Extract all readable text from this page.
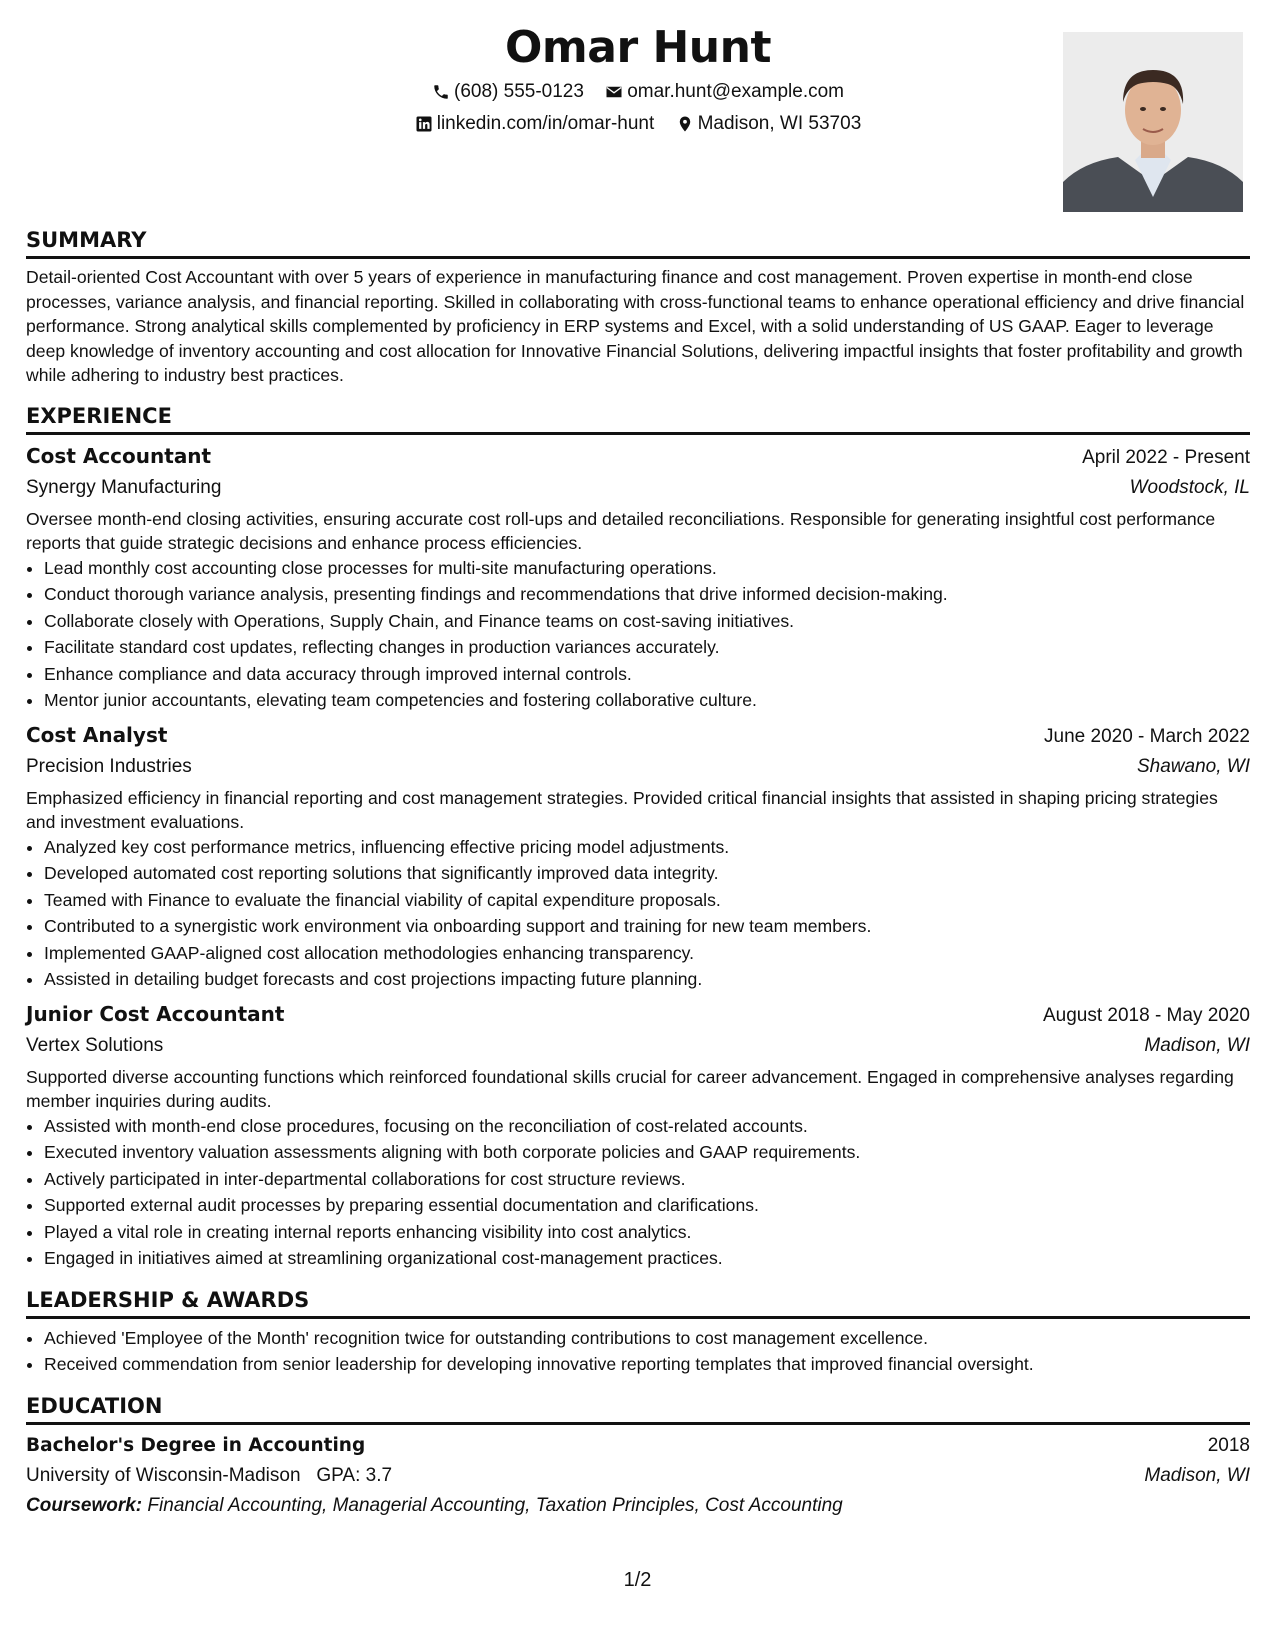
Omar Hunt
(608) 555-0123
omar.hunt@example.com
linkedin.com/in/omar-hunt
Madison, WI 53703
SUMMARY

Detail-oriented Cost Accountant with over 5 years of experience in manufacturing finance and cost management. Proven expertise in month-end close processes, variance analysis, and financial reporting. Skilled in collaborating with cross-functional teams to enhance operational efficiency and drive financial performance. Strong analytical skills complemented by proficiency in ERP systems and Excel, with a solid understanding of US GAAP. Eager to leverage deep knowledge of inventory accounting and cost allocation for Innovative Financial Solutions, delivering impactful insights that foster profitability and growth while adhering to industry best practices.

EXPERIENCE
Cost Accountant	April 2022 - Present
Synergy Manufacturing	Woodstock, IL
Oversee month-end closing activities, ensuring accurate cost roll-ups and detailed reconciliations. Responsible for generating insightful cost performance reports that guide strategic decisions and enhance process efficiencies.
• Lead monthly cost accounting close processes for multi-site manufacturing operations.
• Conduct thorough variance analysis, presenting findings and recommendations that drive informed decision-making.
• Collaborate closely with Operations, Supply Chain, and Finance teams on cost-saving initiatives.
• Facilitate standard cost updates, reflecting changes in production variances accurately.
• Enhance compliance and data accuracy through improved internal controls.
• Mentor junior accountants, elevating team competencies and fostering collaborative culture.
Cost Analyst	June 2020 - March 2022
Precision Industries	Shawano, WI
Emphasized efficiency in financial reporting and cost management strategies. Provided critical financial insights that assisted in shaping pricing strategies and investment evaluations.
• Analyzed key cost performance metrics, influencing effective pricing model adjustments.
• Developed automated cost reporting solutions that significantly improved data integrity.
• Teamed with Finance to evaluate the financial viability of capital expenditure proposals.
• Contributed to a synergistic work environment via onboarding support and training for new team members.
• Implemented GAAP-aligned cost allocation methodologies enhancing transparency.
• Assisted in detailing budget forecasts and cost projections impacting future planning.
Junior Cost Accountant	August 2018 - May 2020
Vertex Solutions	Madison, WI
Supported diverse accounting functions which reinforced foundational skills crucial for career advancement. Engaged in comprehensive analyses regarding member inquiries during audits.
• Assisted with month-end close procedures, focusing on the reconciliation of cost-related accounts.
• Executed inventory valuation assessments aligning with both corporate policies and GAAP requirements.
• Actively participated in inter-departmental collaborations for cost structure reviews.
• Supported external audit processes by preparing essential documentation and clarifications.
• Played a vital role in creating internal reports enhancing visibility into cost analytics.
• Engaged in initiatives aimed at streamlining organizational cost-management practices.
LEADERSHIP & AWARDS
• Achieved 'Employee of the Month' recognition twice for outstanding contributions to cost management excellence.
• Received commendation from senior leadership for developing innovative reporting templates that improved financial oversight.
EDUCATION
Bachelor's Degree in Accounting	2018
University of Wisconsin-Madison GPA: 3.7	Madison, WI
Coursework: Financial Accounting, Managerial Accounting, Taxation Principles, Cost Accounting
1/2
